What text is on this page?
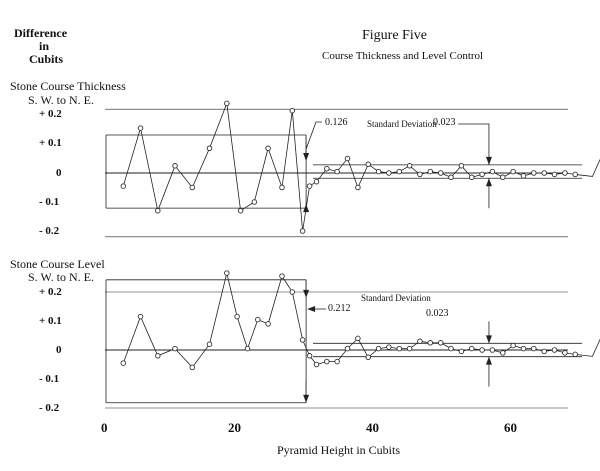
Difference
in
Cubits
Figure Five
Course Thickness and Level Control
Stone Course Thickness
S. W. to N. E.
+ 0.2
+ 0.1
0
- 0.1
- 0.2
0.126 Standard Deviation
0.023
Stone Course Level
S. W. to N. E.
+ 0.2
+ 0.1
0
- 0.1
- 0.2
0.212
Standard Deviation
0.023
0	20	40	60
Pyramid Height in Cubits
